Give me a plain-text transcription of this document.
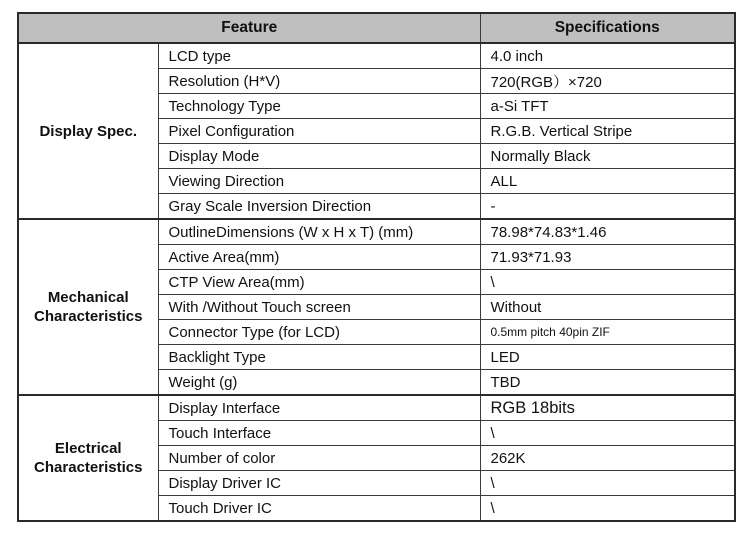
Feature		Specifications
Display Spec.	LCD type	4.0 inch
	Resolution (H*V)	720(RGB）×720
	Technology Type	a-Si TFT
	Pixel Configuration	R.G.B. Vertical Stripe
	Display Mode	Normally Black
	Viewing Direction	ALL
	Gray Scale Inversion Direction	-
Mechanical
Characteristics	OutlineDimensions (W x H x T) (mm)	78.98*74.83*1.46
	Active Area(mm)	71.93*71.93
	CTP View Area(mm)	\
	With /Without Touch screen	Without
	Connector Type (for LCD)	0.5mm pitch 40pin ZIF
	Backlight Type	LED
	Weight (g)	TBD
Electrical
Characteristics	Display Interface	RGB 18bits
	Touch Interface	\
	Number of color	262K
	Display Driver IC	\
	Touch Driver IC	\
